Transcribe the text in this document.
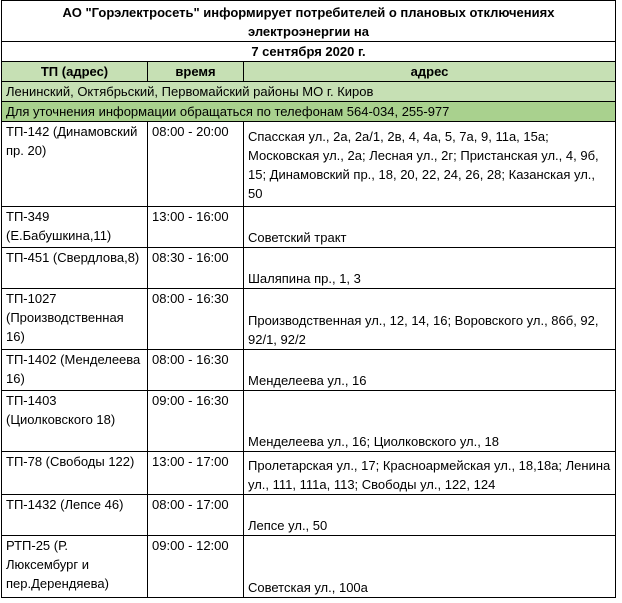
АО "Горэлектросеть" информирует потребителей о плановых отключениях
электроэнергии на		
7 сентября 2020 г.		
ТП (адрес)	время	адрес
Ленинский, Октябрьский, Первомайский районы МО г. Киров		
Для уточнения информации обращаться по телефонам 564-034, 255-977		
ТП-142 (Динамовский пр. 20)	08:00 - 20:00	Спасская ул., 2а, 2а/1, 2в, 4, 4а, 5, 7а, 9, 11а, 15а; Московская ул., 2а; Лесная ул., 2г; Пристанская ул., 4, 9б, 15; Динамовский пр., 18, 20, 22, 24, 26, 28; Казанская ул., 50
ТП-349 (Е.Бабушкина,11)	13:00 - 16:00	Советский тракт
ТП-451 (Свердлова,8)	08:30 - 16:00	Шаляпина пр., 1, 3
ТП-1027 (Производственная 16)	08:00 - 16:30	Производственная ул., 12, 14, 16; Воровского ул., 86б, 92, 92/1, 92/2
ТП-1402 (Менделеева 16)	08:00 - 16:30	Менделеева ул., 16
ТП-1403 (Циолковского 18)	09:00 - 16:30	Менделеева ул., 16; Циолковского ул., 18
ТП-78 (Свободы 122)	13:00 - 17:00	Пролетарская ул., 17; Красноармейская ул., 18,18а; Ленина ул., 111, 111а, 113; Свободы ул., 122, 124
ТП-1432 (Лепсе 46)	08:00 - 17:00	Лепсе ул., 50
РТП-25 (Р. Люксембург и пер.Дерендяева)	09:00 - 12:00	Советская ул., 100а
